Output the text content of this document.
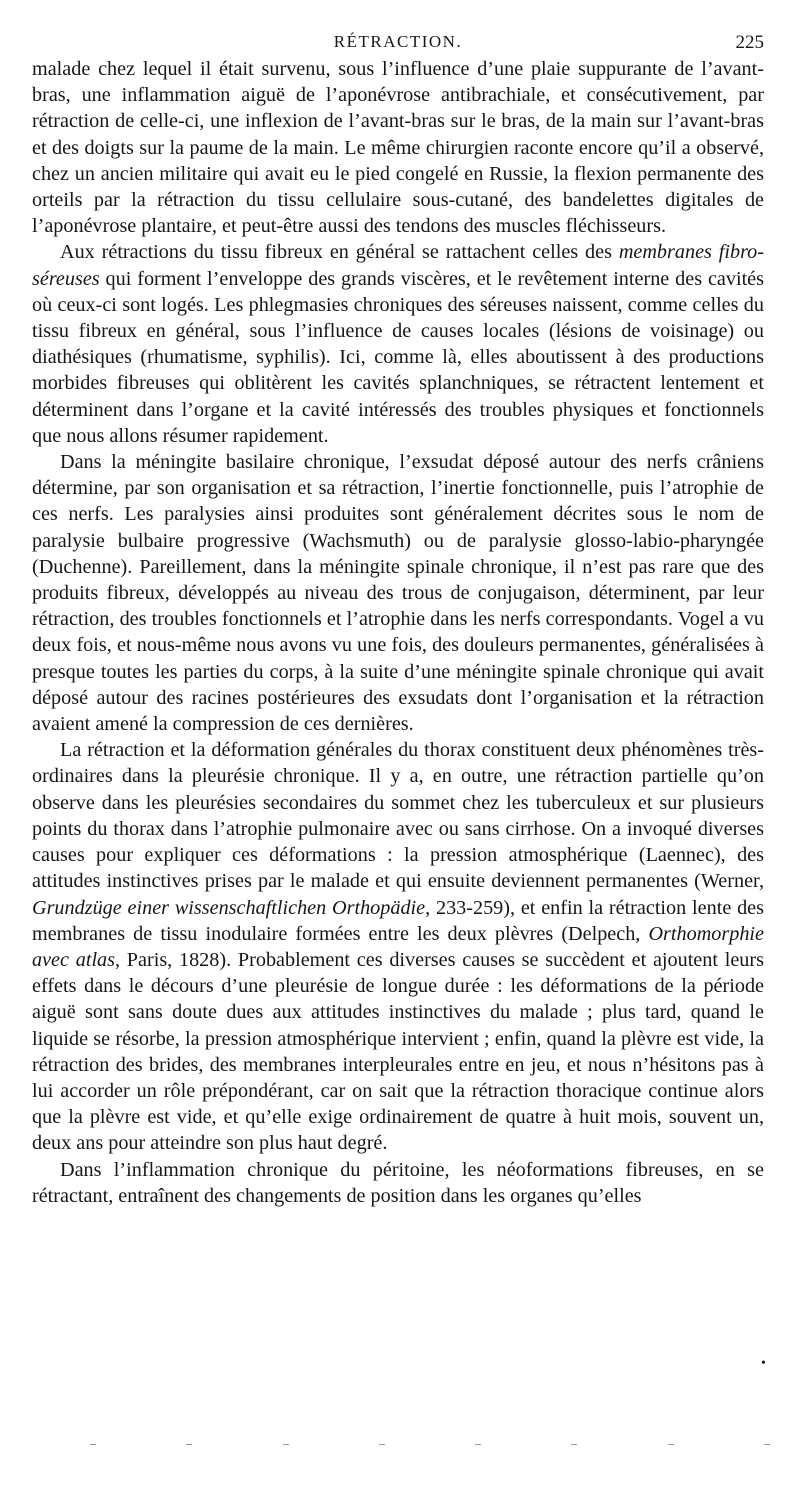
RÉTRACTION.	225

malade chez lequel il était survenu, sous l’influence d’une plaie suppurante de l’avant-bras, une inflammation aiguë de l’aponévrose antibrachiale, et consécutivement, par rétraction de celle-ci, une inflexion de l’avant-bras sur le bras, de la main sur l’avant-bras et des doigts sur la paume de la main. Le même chirurgien raconte encore qu’il a observé, chez un ancien militaire qui avait eu le pied congelé en Russie, la flexion permanente des orteils par la rétraction du tissu cellulaire sous-cutané, des bandelettes digitales de l’aponévrose plantaire, et peut-être aussi des tendons des muscles fléchisseurs.

Aux rétractions du tissu fibreux en général se rattachent celles des membranes fibro-séreuses qui forment l’enveloppe des grands viscères, et le revêtement interne des cavités où ceux-ci sont logés. Les phlegmasies chroniques des séreuses naissent, comme celles du tissu fibreux en général, sous l’influence de causes locales (lésions de voisinage) ou diathésiques (rhumatisme, syphilis). Ici, comme là, elles aboutissent à des productions morbides fibreuses qui oblitèrent les cavités splanchniques, se rétractent lentement et déterminent dans l’organe et la cavité intéressés des troubles physiques et fonctionnels que nous allons résumer rapidement.

Dans la méningite basilaire chronique, l’exsudat déposé autour des nerfs crâniens détermine, par son organisation et sa rétraction, l’inertie fonctionnelle, puis l’atrophie de ces nerfs. Les paralysies ainsi produites sont généralement décrites sous le nom de paralysie bulbaire progressive (Wachsmuth) ou de paralysie glosso-labio-pharyngée (Duchenne). Pareillement, dans la méningite spinale chronique, il n’est pas rare que des produits fibreux, développés au niveau des trous de conjugaison, déterminent, par leur rétraction, des troubles fonctionnels et l’atrophie dans les nerfs correspondants. Vogel a vu deux fois, et nous-même nous avons vu une fois, des douleurs permanentes, généralisées à presque toutes les parties du corps, à la suite d’une méningite spinale chronique qui avait déposé autour des racines postérieures des exsudats dont l’organisation et la rétraction avaient amené la compression de ces dernières.

La rétraction et la déformation générales du thorax constituent deux phénomènes très-ordinaires dans la pleurésie chronique. Il y a, en outre, une rétraction partielle qu’on observe dans les pleurésies secondaires du sommet chez les tuberculeux et sur plusieurs points du thorax dans l’atrophie pulmonaire avec ou sans cirrhose. On a invoqué diverses causes pour expliquer ces déformations : la pression atmosphérique (Laennec), des attitudes instinctives prises par le malade et qui ensuite deviennent permanentes (Werner, Grundzüge einer wissenschaftlichen Orthopädie, 233-259), et enfin la rétraction lente des membranes de tissu inodulaire formées entre les deux plèvres (Delpech, Orthomorphie avec atlas, Paris, 1828). Probablement ces diverses causes se succèdent et ajoutent leurs effets dans le décours d’une pleurésie de longue durée : les déformations de la période aiguë sont sans doute dues aux attitudes instinctives du malade ; plus tard, quand le liquide se résorbe, la pression atmosphérique intervient ; enfin, quand la plèvre est vide, la rétraction des brides, des membranes interpleurales entre en jeu, et nous n’hésitons pas à lui accorder un rôle prépondérant, car on sait que la rétraction thoracique continue alors que la plèvre est vide, et qu’elle exige ordinairement de quatre à huit mois, souvent un, deux ans pour atteindre son plus haut degré.

Dans l’inflammation chronique du péritoine, les néoformations fibreuses, en se rétractant, entraînent des changements de position dans les organes qu’elles

•
